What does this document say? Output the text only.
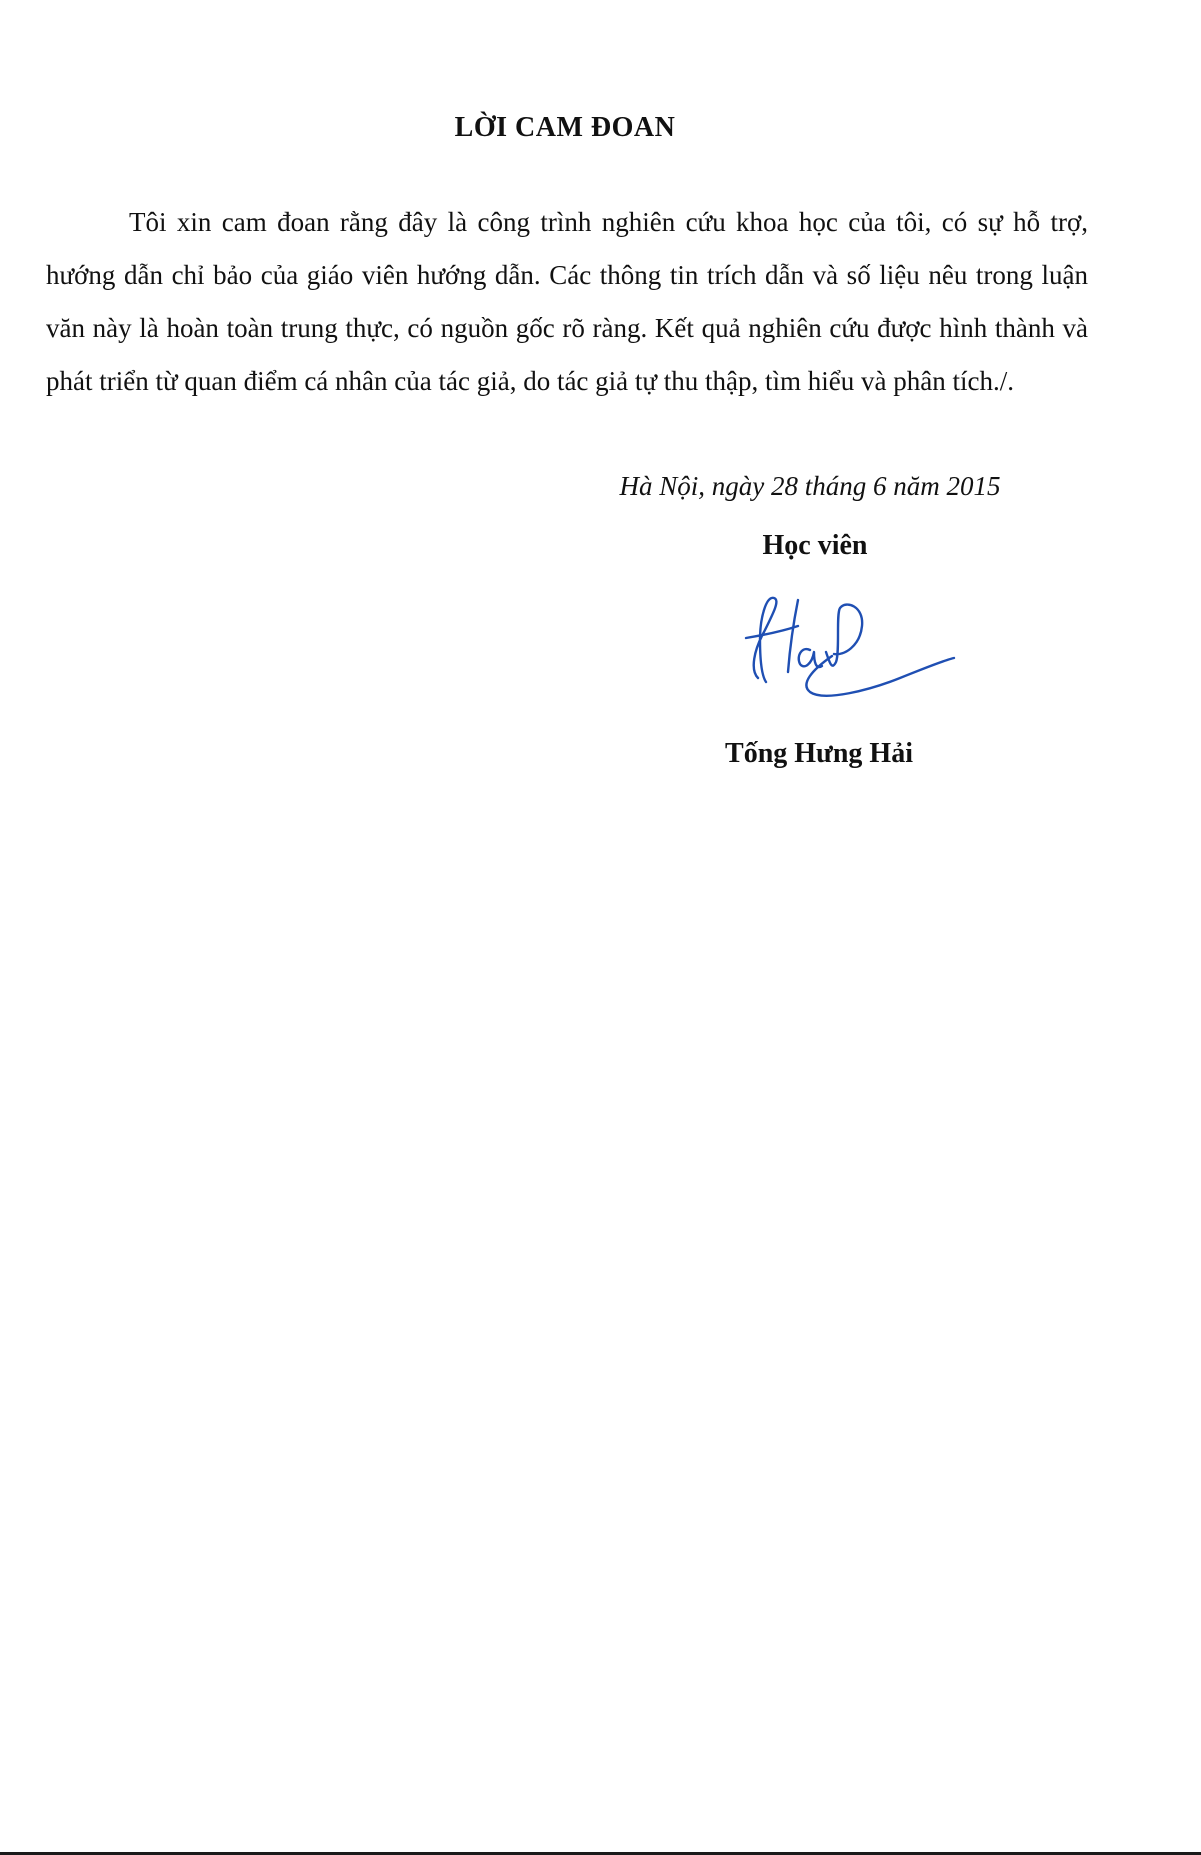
LỜI CAM ĐOAN

Tôi xin cam đoan rằng đây là công trình nghiên cứu khoa học của tôi, có sự hỗ trợ, hướng dẫn chỉ bảo của giáo viên hướng dẫn. Các thông tin trích dẫn và số liệu nêu trong luận văn này là hoàn toàn trung thực, có nguồn gốc rõ ràng. Kết quả nghiên cứu được hình thành và phát triển từ quan điểm cá nhân của tác giả, do tác giả tự thu thập, tìm hiểu và phân tích./.

Hà Nội, ngày 28 tháng 6 năm 2015
Học viên
Tống Hưng Hải
